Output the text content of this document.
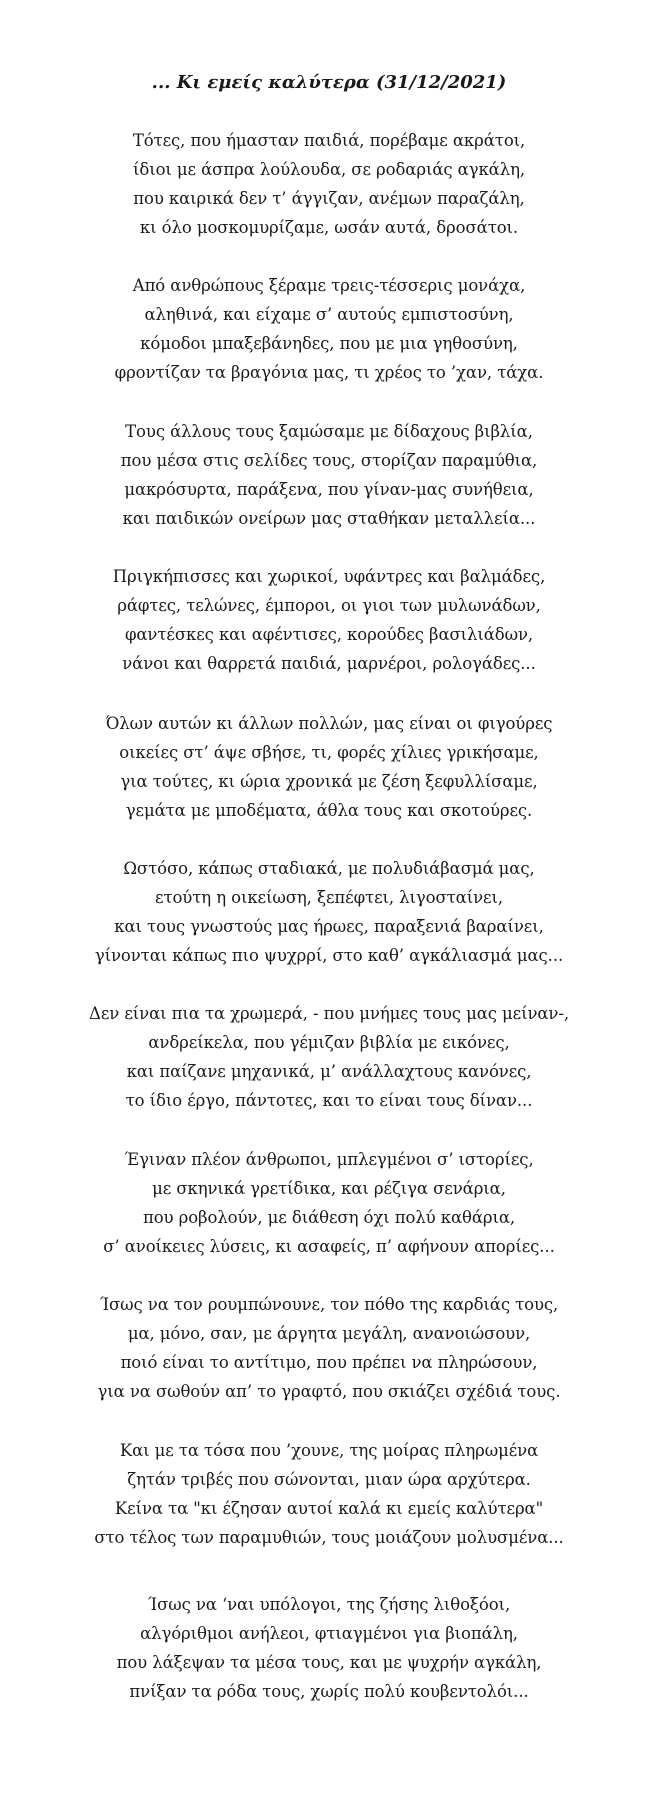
... Κι εμείς καλύτερα (31/12/2021)
Τότες, που ήμασταν παιδιά, πορέβαμε ακράτοι,
ίδιοι με άσπρα λούλουδα, σε ροδαριάς αγκάλη,
που καιρικά δεν τ’ άγγιζαν, ανέμων παραζάλη,
κι όλο μοσκομυρίζαμε, ωσάν αυτά, δροσάτοι.
Από ανθρώπους ξέραμε τρεις-τέσσερις μονάχα,
αληθινά, και είχαμε σ’ αυτούς εμπιστοσύνη,
κόμοδοι μπαξεβάνηδες, που με μια γηθοσύνη,
φροντίζαν τα βραγόνια μας, τι χρέος το ’χαν, τάχα.
Τους άλλους τους ξαμώσαμε με δίδαχους βιβλία,
που μέσα στις σελίδες τους, στορίζαν παραμύθια,
μακρόσυρτα, παράξενα, που γίναν-μας συνήθεια,
και παιδικών ονείρων μας σταθήκαν μεταλλεία...
Πριγκήπισσες και χωρικοί, υφάντρες και βαλμάδες,
ράφτες, τελώνες, έμποροι, οι γιοι των μυλωνάδων,
φαντέσκες και αφέντισες, κορούδες βασιλιάδων,
νάνοι και θαρρετά παιδιά, μαρνέροι, ρολογάδες...
Όλων αυτών κι άλλων πολλών, μας είναι οι φιγούρες
οικείες στ’ άψε σβήσε, τι, φορές χίλιες γρικήσαμε,
για τούτες, κι ώρια χρονικά με ζέση ξεφυλλίσαμε,
γεμάτα με μποδέματα, άθλα τους και σκοτούρες.
Ωστόσο, κάπως σταδιακά, με πολυδιάβασμά μας,
ετούτη η οικείωση, ξεπέφτει, λιγοσταίνει,
και τους γνωστούς μας ήρωες, παραξενιά βαραίνει,
γίνονται κάπως πιο ψυχρρί, στο καθ’ αγκάλιασμά μας...
Δεν είναι πια τα χρωμερά, - που μνήμες τους μας μείναν-,
ανδρείκελα, που γέμιζαν βιβλία με εικόνες,
και παίζανε μηχανικά, μ’ ανάλλαχτους κανόνες,
το ίδιο έργο, πάντοτες, και το είναι τους δίναν...
Έγιναν πλέον άνθρωποι, μπλεγμένοι σ’ ιστορίες,
με σκηνικά γρετίδικα, και ρέζιγα σενάρια,
που ροβολούν, με διάθεση όχι πολύ καθάρια,
σ’ ανοίκειες λύσεις, κι ασαφείς, π’ αφήνουν απορίες...
Ίσως να τον ρουμπώνουνε, τον πόθο της καρδιάς τους,
μα, μόνο, σαν, με άργητα μεγάλη, ανανοιώσουν,
ποιό είναι το αντίτιμο, που πρέπει να πληρώσουν,
για να σωθούν απ’ το γραφτό, που σκιάζει σχέδιά τους.
Και με τα τόσα που ’χουνε, της μοίρας πληρωμένα
ζητάν τριβές που σώνονται, μιαν ώρα αρχύτερα.
Κείνα τα "κι έζησαν αυτοί καλά κι εμείς καλύτερα"
στο τέλος των παραμυθιών, τους μοιάζουν μολυσμένα...
Ίσως να ‘ναι υπόλογοι, της ζήσης λιθοξόοι,
αλγόριθμοι ανήλεοι, φτιαγμένοι για βιοπάλη,
που λάξεψαν τα μέσα τους, και με ψυχρήν αγκάλη,
πνίξαν τα ρόδα τους, χωρίς πολύ κουβεντολόι...
